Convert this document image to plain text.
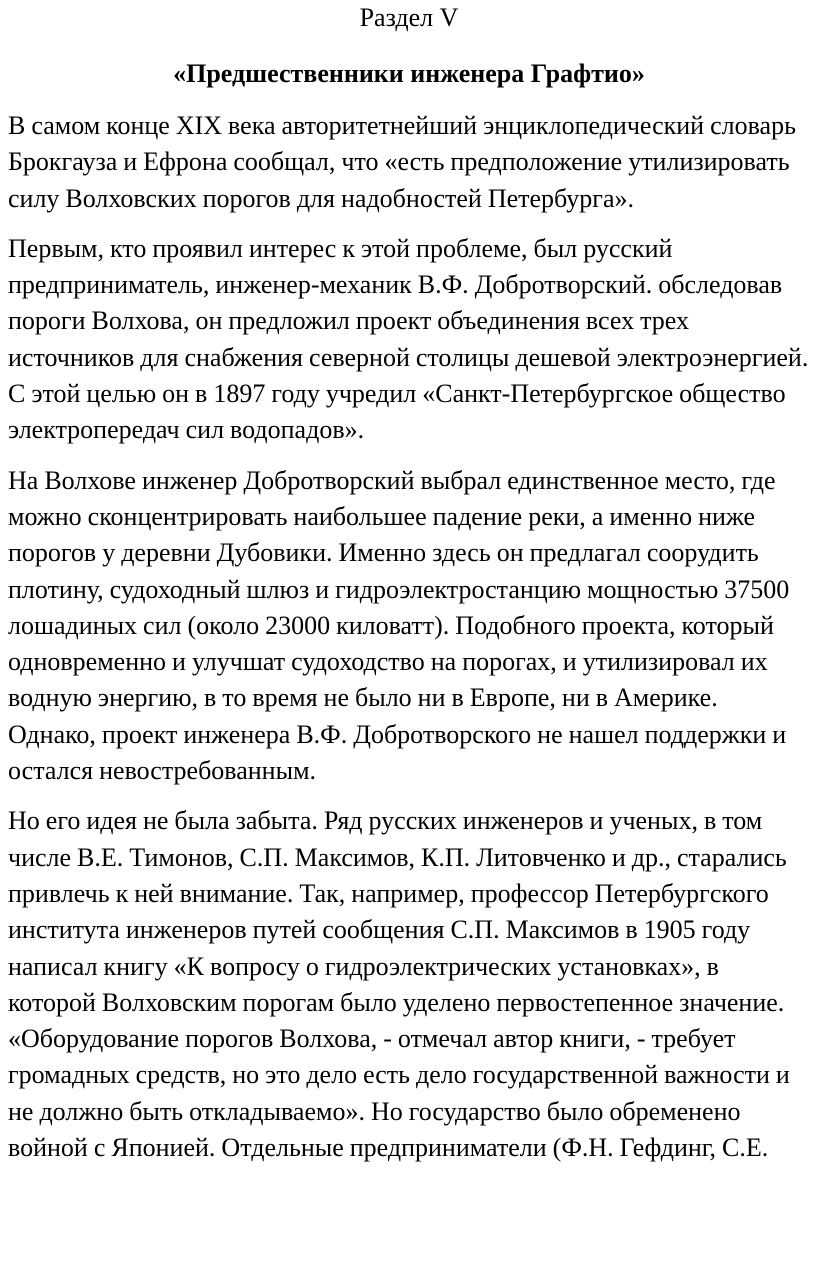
Раздел V

«Предшественники инженера Графтио»

В самом конце XIX века авторитетнейший энциклопедический словарь Брокгауза и Ефрона сообщал, что «есть предположение утилизировать силу Волховских порогов для надобностей Петербурга».

Первым, кто проявил интерес к этой проблеме, был русский предприниматель, инженер-механик В.Ф. Добротворский. обследовав пороги Волхова, он предложил проект объединения всех трех источников для снабжения северной столицы дешевой электроэнергией. С этой целью он в 1897 году учредил «Санкт-Петербургское общество электропередач сил водопадов».

На Волхове инженер Добротворский выбрал единственное место, где можно сконцентрировать наибольшее падение реки, а именно ниже порогов у деревни Дубовики. Именно здесь он предлагал соорудить плотину, судоходный шлюз и гидроэлектростанцию мощностью 37500 лошадиных сил (около 23000 киловатт). Подобного проекта, который одновременно и улучшат судоходство на порогах, и утилизировал их водную энергию, в то время не было ни в Европе, ни в Америке. Однако, проект инженера В.Ф. Добротворского не нашел поддержки и остался невостребованным.

Но его идея не была забыта. Ряд русских инженеров и ученых, в том числе В.Е. Тимонов, С.П. Максимов, К.П. Литовченко и др., старались привлечь к ней внимание. Так, например, профессор Петербургского института инженеров путей сообщения С.П. Максимов в 1905 году написал книгу «К вопросу о гидроэлектрических установках», в которой Волховским порогам было уделено первостепенное значение. «Оборудование порогов Волхова, - отмечал автор книги, - требует громадных средств, но это дело есть дело государственной важности и не должно быть откладываемо». Но государство было обременено войной с Японией. Отдельные предприниматели (Ф.Н. Гефдинг, С.Е.
